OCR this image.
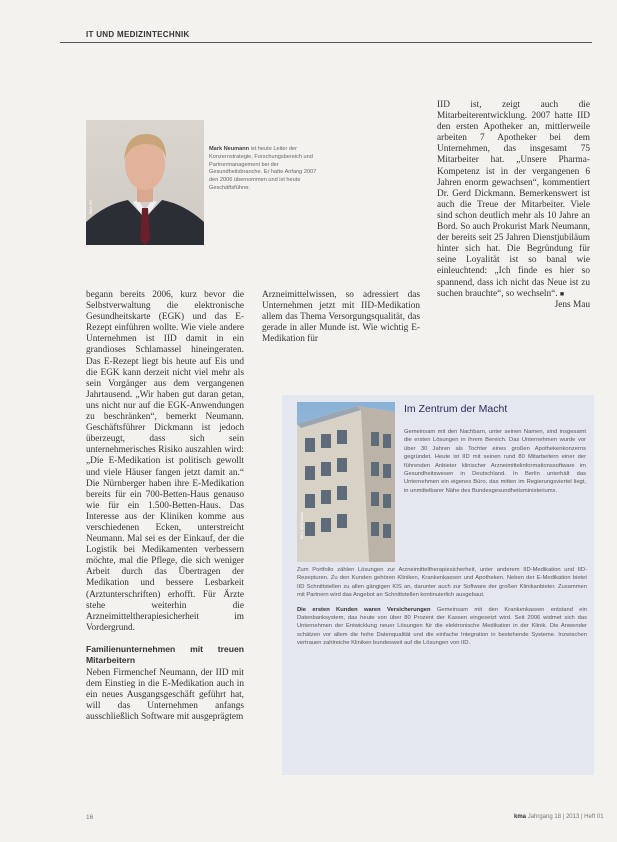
IT UND MEDIZINTECHNIK
Bild: IID
Mark Neumann ist heute Leiter der Konzernstrategie, Forschungsbereich und Partnermanagement bei der Gesundheitsbranche. Er hatte Anfang 2007 den 2006 übernommen und ist heute Geschäftsführer.

begann bereits 2006, kurz bevor die Selbstverwaltung die elektronische Gesundheitskarte (EGK) und das E-Rezept einführen wollte. Wie viele andere Unternehmen ist IID damit in ein grandioses Schlamassel hineingeraten. Das E-Rezept liegt bis heute auf Eis und die EGK kann derzeit nicht viel mehr als sein Vorgänger aus dem vergangenen Jahrtausend. „Wir haben gut daran getan, uns nicht nur auf die EGK-Anwendungen zu beschränken“, bemerkt Neumann. Geschäftsführer Dickmann ist jedoch überzeugt, dass sich sein unternehmerisches Risiko auszahlen wird: „Die E-Medikation ist politisch gewollt und viele Häuser fangen jetzt damit an.“ Die Nürnberger haben ihre E-Medikation bereits für ein 700-Betten-Haus genauso wie für ein 1.500-Betten-Haus. Das Interesse aus der Kliniken komme aus verschiedenen Ecken, unterstreicht Neumann. Mal sei es der Einkauf, der die Logistik bei Medikamenten verbessern möchte, mal die Pflege, die sich weniger Arbeit durch das Übertragen der Medikation und bessere Lesbarkeit (Arztunterschriften) erhofft. Für Ärzte stehe weiterhin die Arzneimitteltherapiesicherheit im Vordergrund.

Familienunternehmen mit treuen Mitarbeitern

Neben Firmenchef Neumann, der IID mit dem Einstieg in die E-Medikation auch in ein neues Ausgangsgeschäft geführt hat, will das Unternehmen anfangs ausschließlich Software mit ausgeprägtem

Arzneimittelwissen, so adressiert das Unternehmen jetzt mit IID-Medikation allem das Thema Versorgungsqualität, das gerade in aller Munde ist. Wie wichtig E-Medikation für

IID ist, zeigt auch die Mitarbeiterentwicklung. 2007 hatte IID den ersten Apotheker an, mittlerweile arbeiten 7 Apotheker bei dem Unternehmen, das insgesamt 75 Mitarbeiter hat. „Unsere Pharma-Kompetenz ist in der vergangenen 6 Jahren enorm gewachsen“, kommentiert Dr. Gerd Dickmann. Bemerkenswert ist auch die Treue der Mitarbeiter. Viele sind schon deutlich mehr als 10 Jahre an Bord. So auch Prokurist Mark Neumann, der bereits seit 25 Jahren Dienstjubiläum hinter sich hat. Die Begründung für seine Loyalität ist so banal wie einleuchtend: „Ich finde es hier so spannend, dass ich nicht das Neue ist zu suchen brauchte“, so wechseln“. ■

Jens Mau

Bild: IID/Fotolia
Im Zentrum der Macht

Gemeinsam mit den Nachbarn, unter seinen Namen, sind insgesamt die ersten Lösungen in ihrem Bereich. Das Unternehmen wurde vor über 30 Jahren als Tochter eines großen Apothekenkonzerns gegründet. Heute ist IID mit seinen rund 80 Mitarbeitern einer der führenden Anbieter klinischer Arzneimittelinformationssoftware im Gesundheitswesen in Deutschland. In Berlin unterhält das Unternehmen ein eigenes Büro, das mitten im Regierungsviertel liegt, in unmittelbarer Nähe des Bundesgesundheitsministeriums.

Zum Portfolio zählen Lösungen zur Arzneimitteltherapiesicherheit, unter anderem IID-Medikation und IID-Rezepturen. Zu den Kunden gehören Kliniken, Krankenkassen und Apotheken. Neben der E-Medikation bietet IID Schnittstellen zu allen gängigen KIS an, darunter auch zur Software der großen Klinikanbieter. Zusammen mit Partnern wird das Angebot an Schnittstellen kontinuierlich ausgebaut.

Die ersten Kunden waren Versicherungen Gemeinsam mit den Krankenkassen entstand ein Datenbanksystem, das heute von über 80 Prozent der Kassen eingesetzt wird. Seit 2006 widmet sich das Unternehmen der Entwicklung neuer Lösungen für die elektronische Medikation in der Klinik. Die Anwender schätzen vor allem die hohe Datenqualität und die einfache Integration in bestehende Systeme. Inzwischen vertrauen zahlreiche Kliniken bundesweit auf die Lösungen von IID.

16	kma Jahrgang 18 | 2013 | Heft 01
